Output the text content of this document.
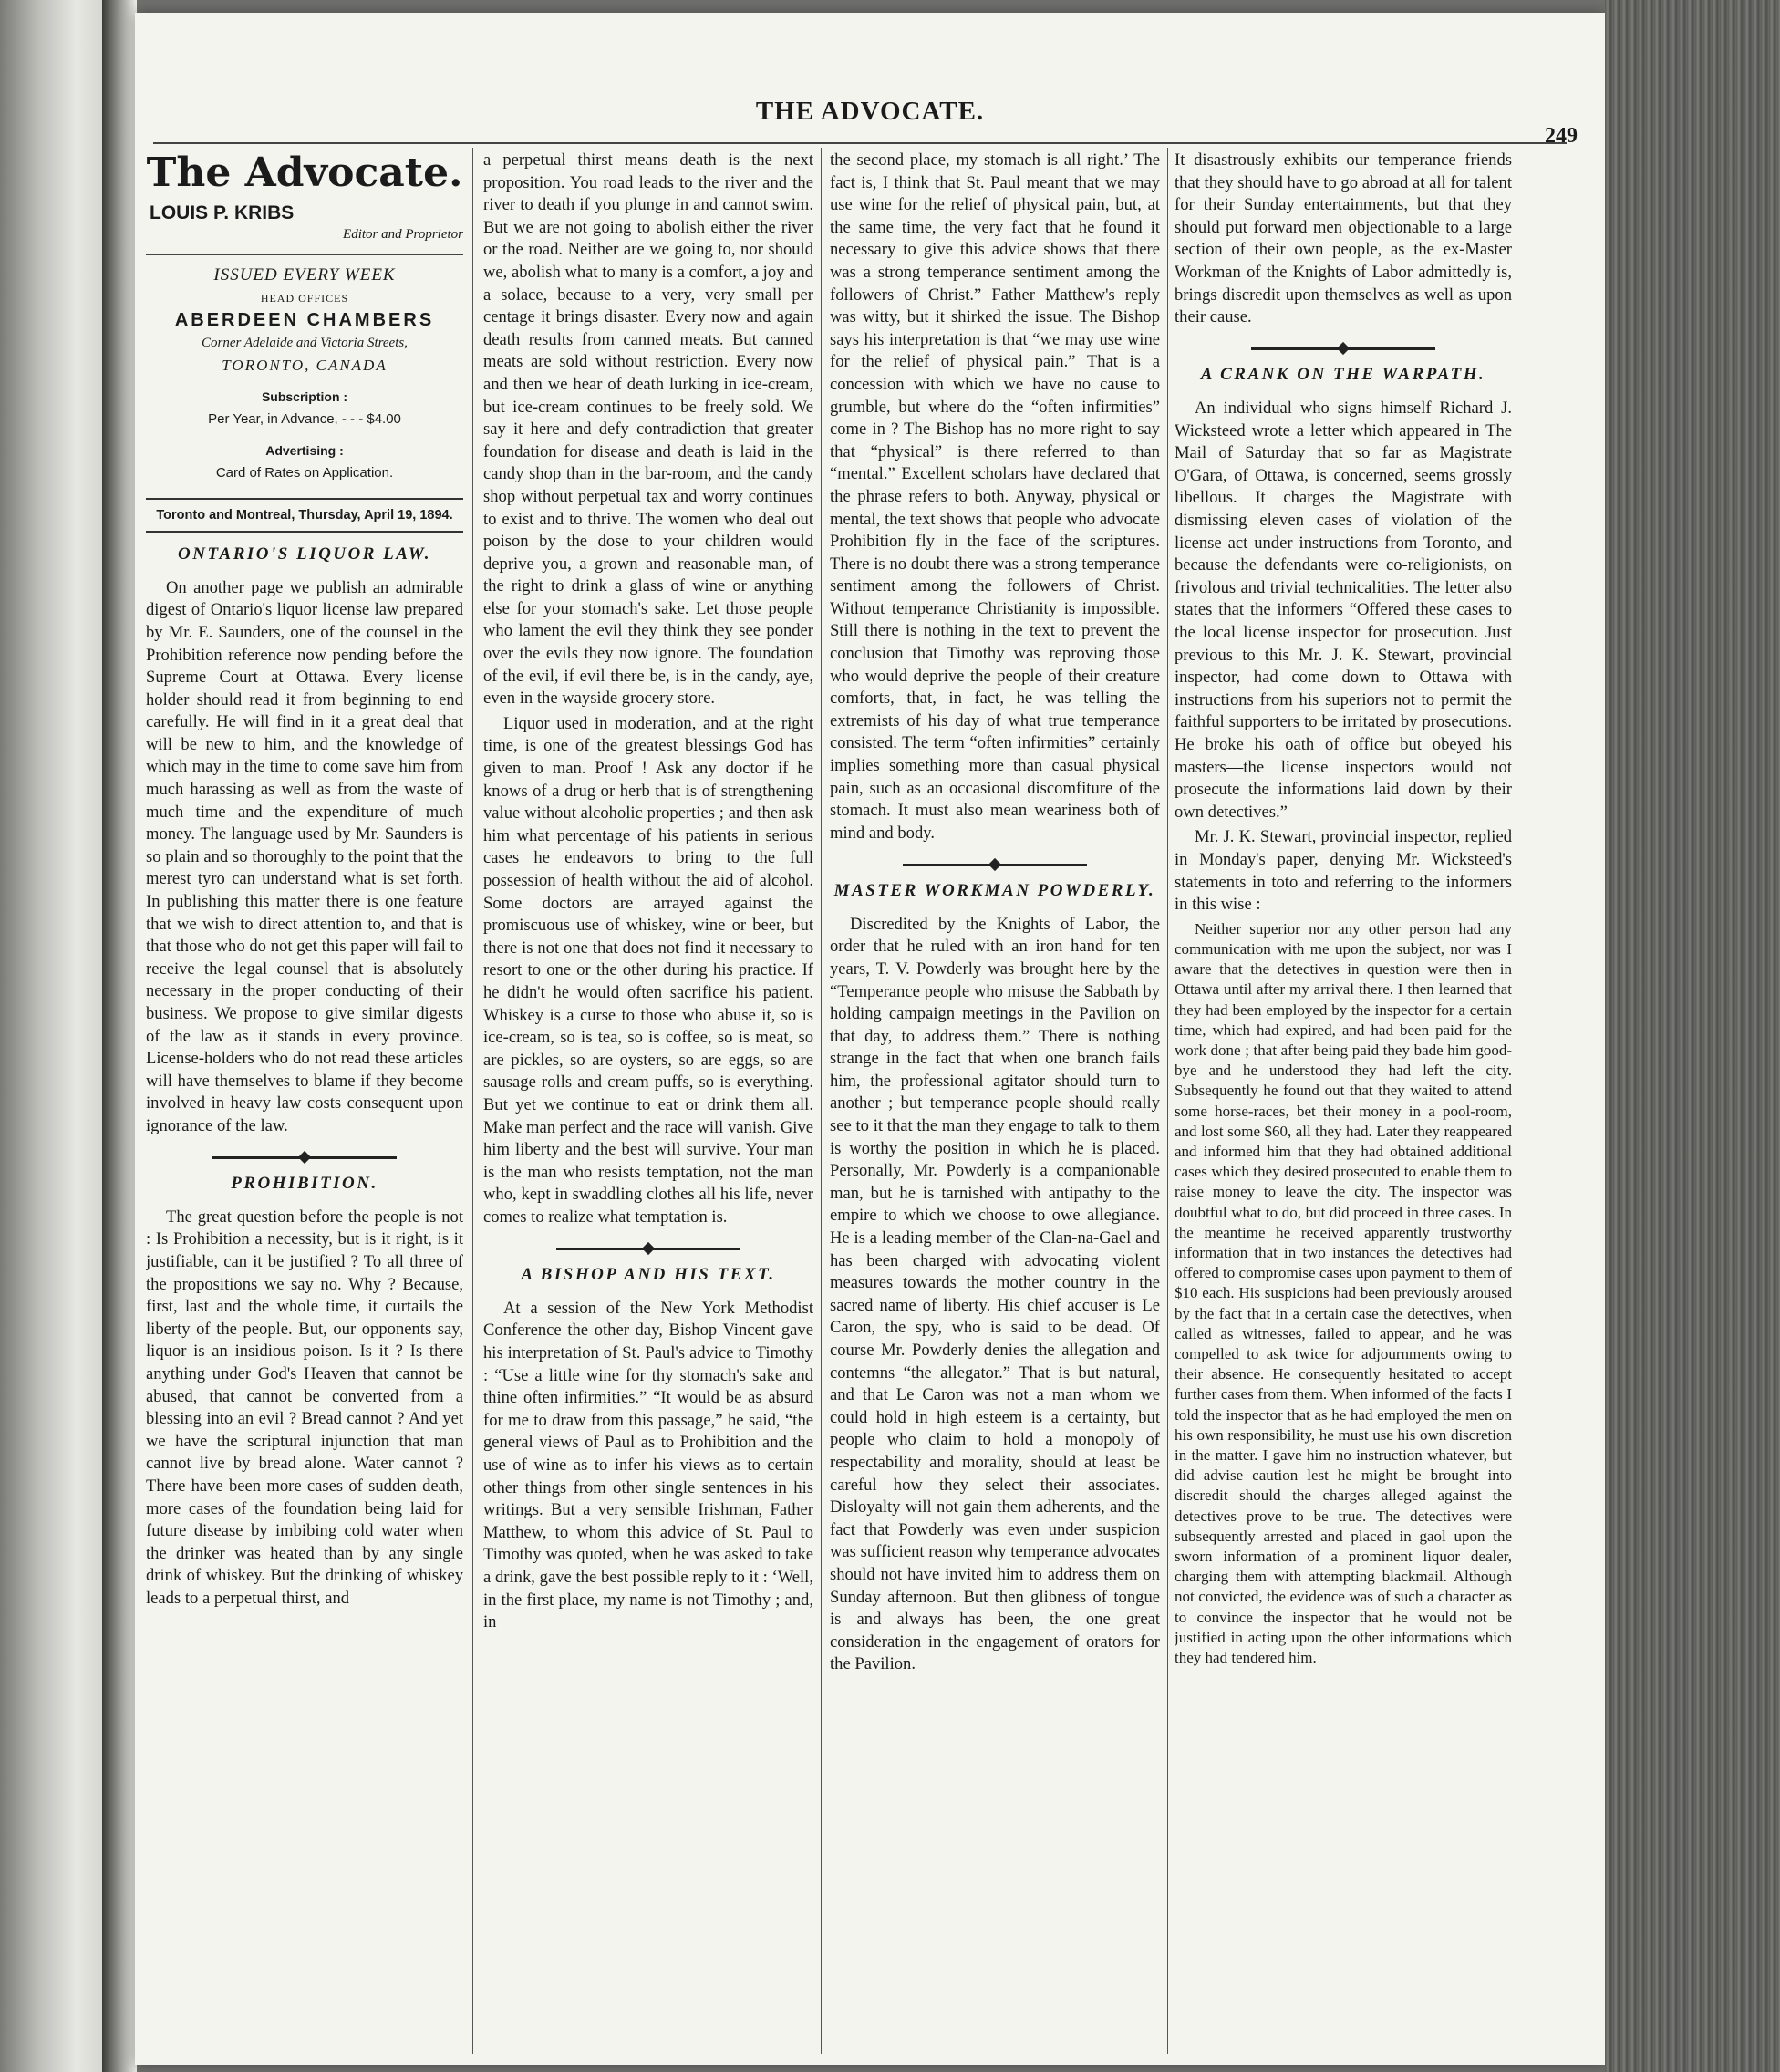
THE ADVOCATE.
249
The Advocate.
LOUIS P. KRIBS
Editor and Proprietor
ISSUED EVERY WEEK
HEAD OFFICES
ABERDEEN CHAMBERS
Corner Adelaide and Victoria Streets,
TORONTO, CANADA
Subscription :
Per Year, in Advance, - - - $4.00
Advertising :
Card of Rates on Application.
Toronto and Montreal, Thursday, April 19, 1894.
ONTARIO'S LIQUOR LAW.

On another page we publish an admirable digest of Ontario's liquor license law prepared by Mr. E. Saunders, one of the counsel in the Prohibition reference now pending before the Supreme Court at Ottawa. Every license holder should read it from beginning to end carefully. He will find in it a great deal that will be new to him, and the knowledge of which may in the time to come save him from much harassing as well as from the waste of much time and the expenditure of much money. The language used by Mr. Saunders is so plain and so thoroughly to the point that the merest tyro can understand what is set forth. In publishing this matter there is one feature that we wish to direct attention to, and that is that those who do not get this paper will fail to receive the legal counsel that is absolutely necessary in the proper conducting of their business. We propose to give similar digests of the law as it stands in every province. License-holders who do not read these articles will have themselves to blame if they become involved in heavy law costs consequent upon ignorance of the law.

PROHIBITION.

The great question before the people is not : Is Prohibition a necessity, but is it right, is it justifiable, can it be justified ? To all three of the propositions we say no. Why ? Because, first, last and the whole time, it curtails the liberty of the people. But, our opponents say, liquor is an insidious poison. Is it ? Is there anything under God's Heaven that cannot be abused, that cannot be converted from a blessing into an evil ? Bread cannot ? And yet we have the scriptural injunction that man cannot live by bread alone. Water cannot ? There have been more cases of sudden death, more cases of the foundation being laid for future disease by imbibing cold water when the drinker was heated than by any single drink of whiskey. But the drinking of whiskey leads to a perpetual thirst, and

a perpetual thirst means death is the next proposition. You road leads to the river and the river to death if you plunge in and cannot swim. But we are not going to abolish either the river or the road. Neither are we going to, nor should we, abolish what to many is a comfort, a joy and a solace, because to a very, very small per centage it brings disaster. Every now and again death results from canned meats. But canned meats are sold without restriction. Every now and then we hear of death lurking in ice-cream, but ice-cream continues to be freely sold. We say it here and defy contradiction that greater foundation for disease and death is laid in the candy shop than in the bar-room, and the candy shop without perpetual tax and worry continues to exist and to thrive. The women who deal out poison by the dose to your children would deprive you, a grown and reasonable man, of the right to drink a glass of wine or anything else for your stomach's sake. Let those people who lament the evil they think they see ponder over the evils they now ignore. The foundation of the evil, if evil there be, is in the candy, aye, even in the wayside grocery store.

Liquor used in moderation, and at the right time, is one of the greatest blessings God has given to man. Proof ! Ask any doctor if he knows of a drug or herb that is of strengthening value without alcoholic properties ; and then ask him what percentage of his patients in serious cases he endeavors to bring to the full possession of health without the aid of alcohol. Some doctors are arrayed against the promiscuous use of whiskey, wine or beer, but there is not one that does not find it necessary to resort to one or the other during his practice. If he didn't he would often sacrifice his patient. Whiskey is a curse to those who abuse it, so is ice-cream, so is tea, so is coffee, so is meat, so are pickles, so are oysters, so are eggs, so are sausage rolls and cream puffs, so is everything. But yet we continue to eat or drink them all. Make man perfect and the race will vanish. Give him liberty and the best will survive. Your man is the man who resists temptation, not the man who, kept in swaddling clothes all his life, never comes to realize what temptation is.

A BISHOP AND HIS TEXT.

At a session of the New York Methodist Conference the other day, Bishop Vincent gave his interpretation of St. Paul's advice to Timothy : “Use a little wine for thy stomach's sake and thine often infirmities.” “It would be as absurd for me to draw from this passage,” he said, “the general views of Paul as to Prohibition and the use of wine as to infer his views as to certain other things from other single sentences in his writings. But a very sensible Irishman, Father Matthew, to whom this advice of St. Paul to Timothy was quoted, when he was asked to take a drink, gave the best possible reply to it : ‘Well, in the first place, my name is not Timothy ; and, in

the second place, my stomach is all right.’ The fact is, I think that St. Paul meant that we may use wine for the relief of physical pain, but, at the same time, the very fact that he found it necessary to give this advice shows that there was a strong temperance sentiment among the followers of Christ.” Father Matthew's reply was witty, but it shirked the issue. The Bishop says his interpretation is that “we may use wine for the relief of physical pain.” That is a concession with which we have no cause to grumble, but where do the “often infirmities” come in ? The Bishop has no more right to say that “physical” is there referred to than “mental.” Excellent scholars have declared that the phrase refers to both. Anyway, physical or mental, the text shows that people who advocate Prohibition fly in the face of the scriptures. There is no doubt there was a strong temperance sentiment among the followers of Christ. Without temperance Christianity is impossible. Still there is nothing in the text to prevent the conclusion that Timothy was reproving those who would deprive the people of their creature comforts, that, in fact, he was telling the extremists of his day of what true temperance consisted. The term “often infirmities” certainly implies something more than casual physical pain, such as an occasional discomfiture of the stomach. It must also mean weariness both of mind and body.

MASTER WORKMAN POWDERLY.

Discredited by the Knights of Labor, the order that he ruled with an iron hand for ten years, T. V. Powderly was brought here by the “Temperance people who misuse the Sabbath by holding campaign meetings in the Pavilion on that day, to address them.” There is nothing strange in the fact that when one branch fails him, the professional agitator should turn to another ; but temperance people should really see to it that the man they engage to talk to them is worthy the position in which he is placed. Personally, Mr. Powderly is a companionable man, but he is tarnished with antipathy to the empire to which we choose to owe allegiance. He is a leading member of the Clan-na-Gael and has been charged with advocating violent measures towards the mother country in the sacred name of liberty. His chief accuser is Le Caron, the spy, who is said to be dead. Of course Mr. Powderly denies the allegation and contemns “the allegator.” That is but natural, and that Le Caron was not a man whom we could hold in high esteem is a certainty, but people who claim to hold a monopoly of respectability and morality, should at least be careful how they select their associates. Disloyalty will not gain them adherents, and the fact that Powderly was even under suspicion was sufficient reason why temperance advocates should not have invited him to address them on Sunday afternoon. But then glibness of tongue is and always has been, the one great consideration in the engagement of orators for the Pavilion.

It disastrously exhibits our temperance friends that they should have to go abroad at all for talent for their Sunday entertainments, but that they should put forward men objectionable to a large section of their own people, as the ex-Master Workman of the Knights of Labor admittedly is, brings discredit upon themselves as well as upon their cause.

A CRANK ON THE WARPATH.

An individual who signs himself Richard J. Wicksteed wrote a letter which appeared in The Mail of Saturday that so far as Magistrate O'Gara, of Ottawa, is concerned, seems grossly libellous. It charges the Magistrate with dismissing eleven cases of violation of the license act under instructions from Toronto, and because the defendants were co-religionists, on frivolous and trivial technicalities. The letter also states that the informers “Offered these cases to the local license inspector for prosecution. Just previous to this Mr. J. K. Stewart, provincial inspector, had come down to Ottawa with instructions from his superiors not to permit the faithful supporters to be irritated by prosecutions. He broke his oath of office but obeyed his masters—the license inspectors would not prosecute the informations laid down by their own detectives.”

Mr. J. K. Stewart, provincial inspector, replied in Monday's paper, denying Mr. Wicksteed's statements in toto and referring to the informers in this wise :

Neither superior nor any other person had any communication with me upon the subject, nor was I aware that the detectives in question were then in Ottawa until after my arrival there. I then learned that they had been employed by the inspector for a certain time, which had expired, and had been paid for the work done ; that after being paid they bade him good-bye and he understood they had left the city. Subsequently he found out that they waited to attend some horse-races, bet their money in a pool-room, and lost some $60, all they had. Later they reappeared and informed him that they had obtained additional cases which they desired prosecuted to enable them to raise money to leave the city. The inspector was doubtful what to do, but did proceed in three cases. In the meantime he received apparently trustworthy information that in two instances the detectives had offered to compromise cases upon payment to them of $10 each. His suspicions had been previously aroused by the fact that in a certain case the detectives, when called as witnesses, failed to appear, and he was compelled to ask twice for adjournments owing to their absence. He consequently hesitated to accept further cases from them. When informed of the facts I told the inspector that as he had employed the men on his own responsibility, he must use his own discretion in the matter. I gave him no instruction whatever, but did advise caution lest he might be brought into discredit should the charges alleged against the detectives prove to be true. The detectives were subsequently arrested and placed in gaol upon the sworn information of a prominent liquor dealer, charging them with attempting blackmail. Although not convicted, the evidence was of such a character as to convince the inspector that he would not be justified in acting upon the other informations which they had tendered him.
